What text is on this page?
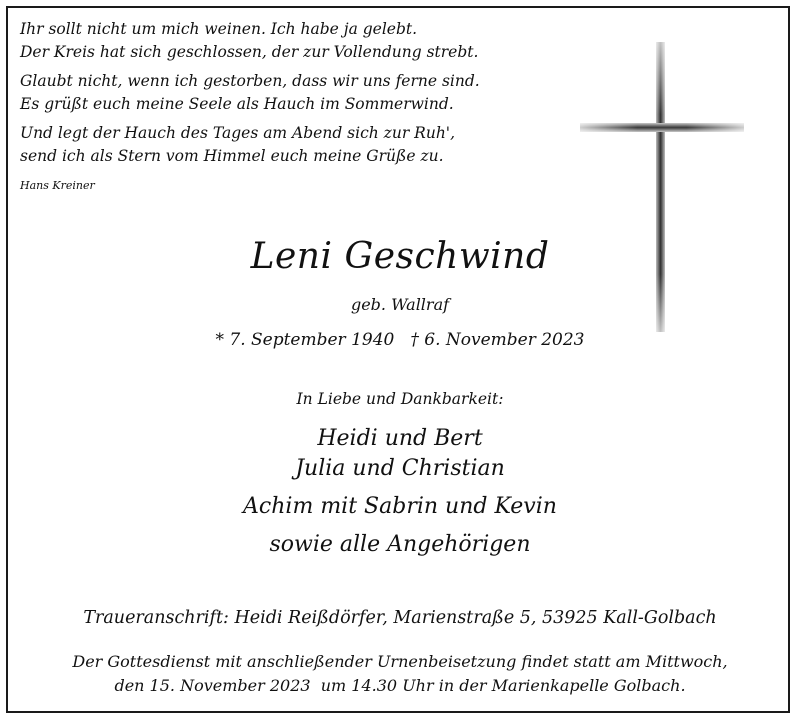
Ihr sollt nicht um mich weinen. Ich habe ja gelebt.
Der Kreis hat sich geschlossen, der zur Vollendung strebt.
Glaubt nicht, wenn ich gestorben, dass wir uns ferne sind.
Es grüßt euch meine Seele als Hauch im Sommerwind.
Und legt der Hauch des Tages am Abend sich zur Ruh',
send ich als Stern vom Himmel euch meine Grüße zu.
Hans Kreiner
Leni Geschwind
geb. Wallraf
* 7. September 1940 † 6. November 2023
In Liebe und Dankbarkeit:
Heidi und Bert
Julia und Christian
Achim mit Sabrin und Kevin
sowie alle Angehörigen
Traueranschrift: Heidi Reißdörfer, Marienstraße 5, 53925 Kall-Golbach
Der Gottesdienst mit anschließender Urnenbeisetzung findet statt am Mittwoch,
den 15. November 2023  um 14.30 Uhr in der Marienkapelle Golbach.
